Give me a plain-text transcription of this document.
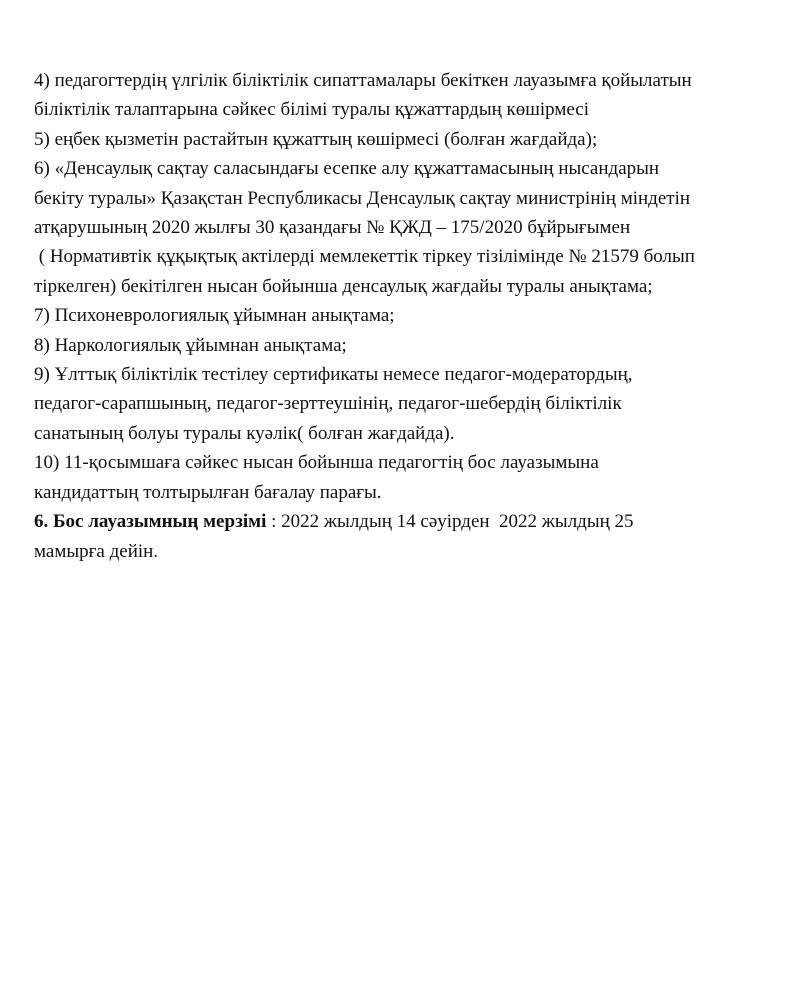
4) педагогтердің үлгілік біліктілік сипаттамалары бекіткен лауазымға қойылатын
біліктілік талаптарына сәйкес білімі туралы құжаттардың көшірмесі
5) еңбек қызметін растайтын құжаттың көшірмесі (болған жағдайда);
6) «Денсаулық сақтау саласындағы есепке алу құжаттамасының нысандарын
бекіту туралы» Қазақстан Республикасы Денсаулық сақтау министрінің міндетін
атқарушының 2020 жылғы 30 қазандағы № ҚЖД – 175/2020 бұйрығымен
( Нормативтік құқықтық актілерді мемлекеттік тіркеу тізілімінде № 21579 болып
тіркелген) бекітілген нысан бойынша денсаулық жағдайы туралы анықтама;
7) Психоневрологиялық ұйымнан анықтама;
8) Наркологиялық ұйымнан анықтама;
9) Ұлттық біліктілік тестілеу сертификаты немесе педагог-модератордың,
педагог-сарапшының, педагог-зерттеушінің, педагог-шебердің біліктілік
санатының болуы туралы куәлік( болған жағдайда).
10) 11-қосымшаға сәйкес нысан бойынша педагогтің бос лауазымына
кандидаттың толтырылған бағалау парағы.
6. Бос лауазымның мерзімі : 2022 жылдың 14 сәуірден  2022 жылдың 25
мамырға дейін.
